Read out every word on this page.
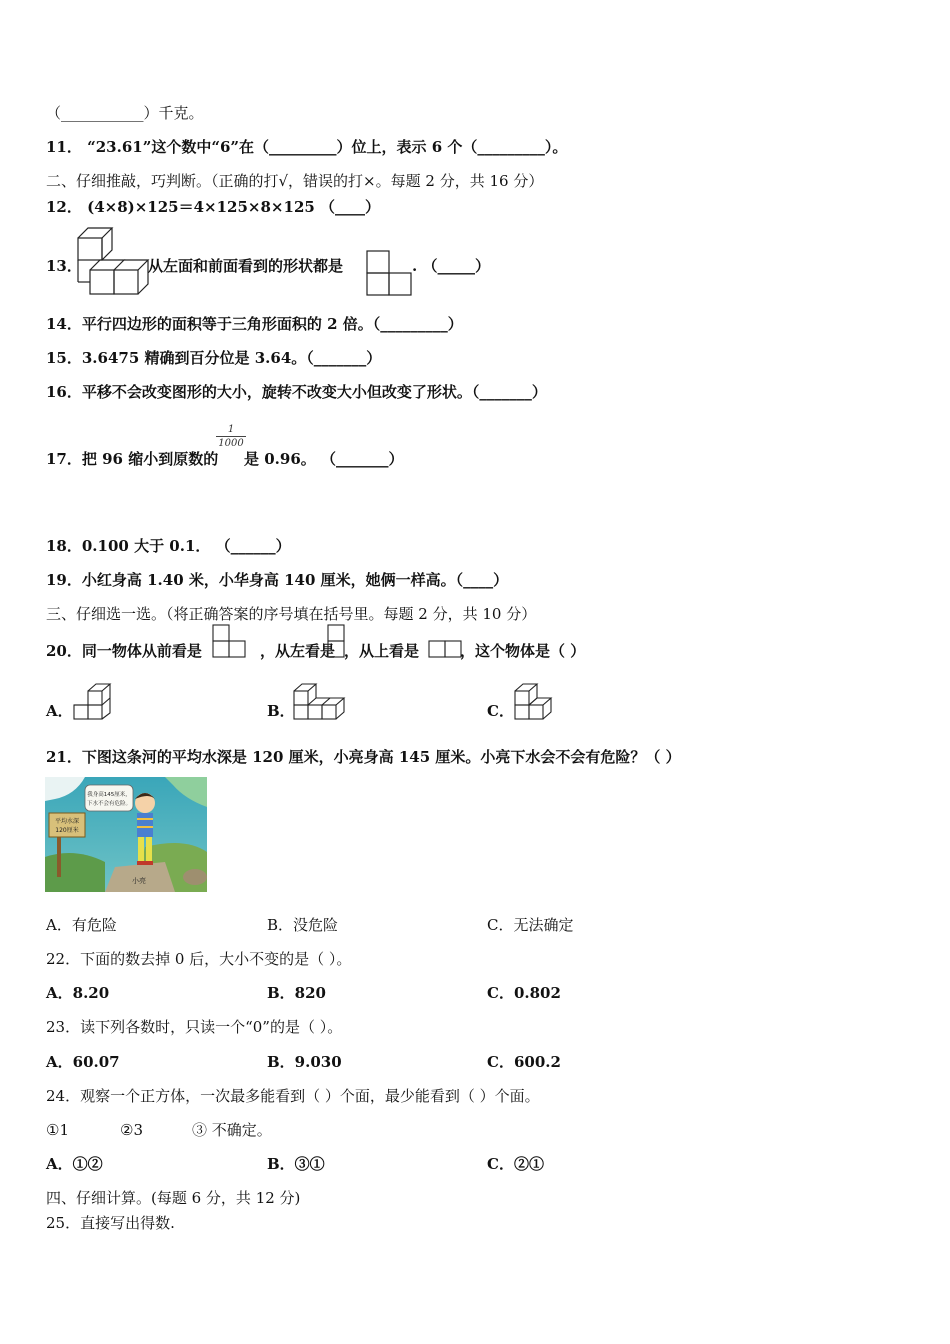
（___________）千克。
11． “23.61”这个数中“6”在（_________）位上，表示 6 个（_________）。
二、仔细推敲，巧判断。（正确的打√，错误的打×。每题 2 分，共 16 分）
12． (4×8)×125＝4×125×8×125 （____）
13．	从左面和前面看到的形状都是	. （_____）
14．平行四边形的面积等于三角形面积的 2 倍。（_________）
15．3.6475 精确到百分位是 3.64。（_______）
16．平移不会改变图形的大小，旋转不改变大小但改变了形状。（_______）
17．把 96 缩小到原数的
1
1000
是 0.96。 （_______）
18．0.100 大于 0.1． （______）
19．小红身高 1.40 米，小华身高 140 厘米，她俩一样高。（____）
三、仔细选一选。（将正确答案的序号填在括号里。每题 2 分，共 10 分）
20．同一物体从前看是	，从左看是 ，从上看是	，这个物体是（ ）
A．	B．	C．
21．下图这条河的平均水深是 120 厘米，小亮身高 145 厘米。小亮下水会不会有危险？（ ）
平均水深
120厘米
我身高145厘米，
下水不会有危险。
小亮
A．有危险	B．没危险	C．无法确定
22．下面的数去掉 0 后，大小不变的是（ ）。
A．8.20	B．820	C．0.802
23．读下列各数时，只读一个“0”的是（ ）。
A．60.07	B．9.030	C．600.2
24．观察一个正方体，一次最多能看到（ ）个面，最少能看到（ ）个面。
①1	②3	③ 不确定。
A．①②	B．③①	C．②①
四、仔细计算。(每题 6 分，共 12 分)
25．直接写出得数.
